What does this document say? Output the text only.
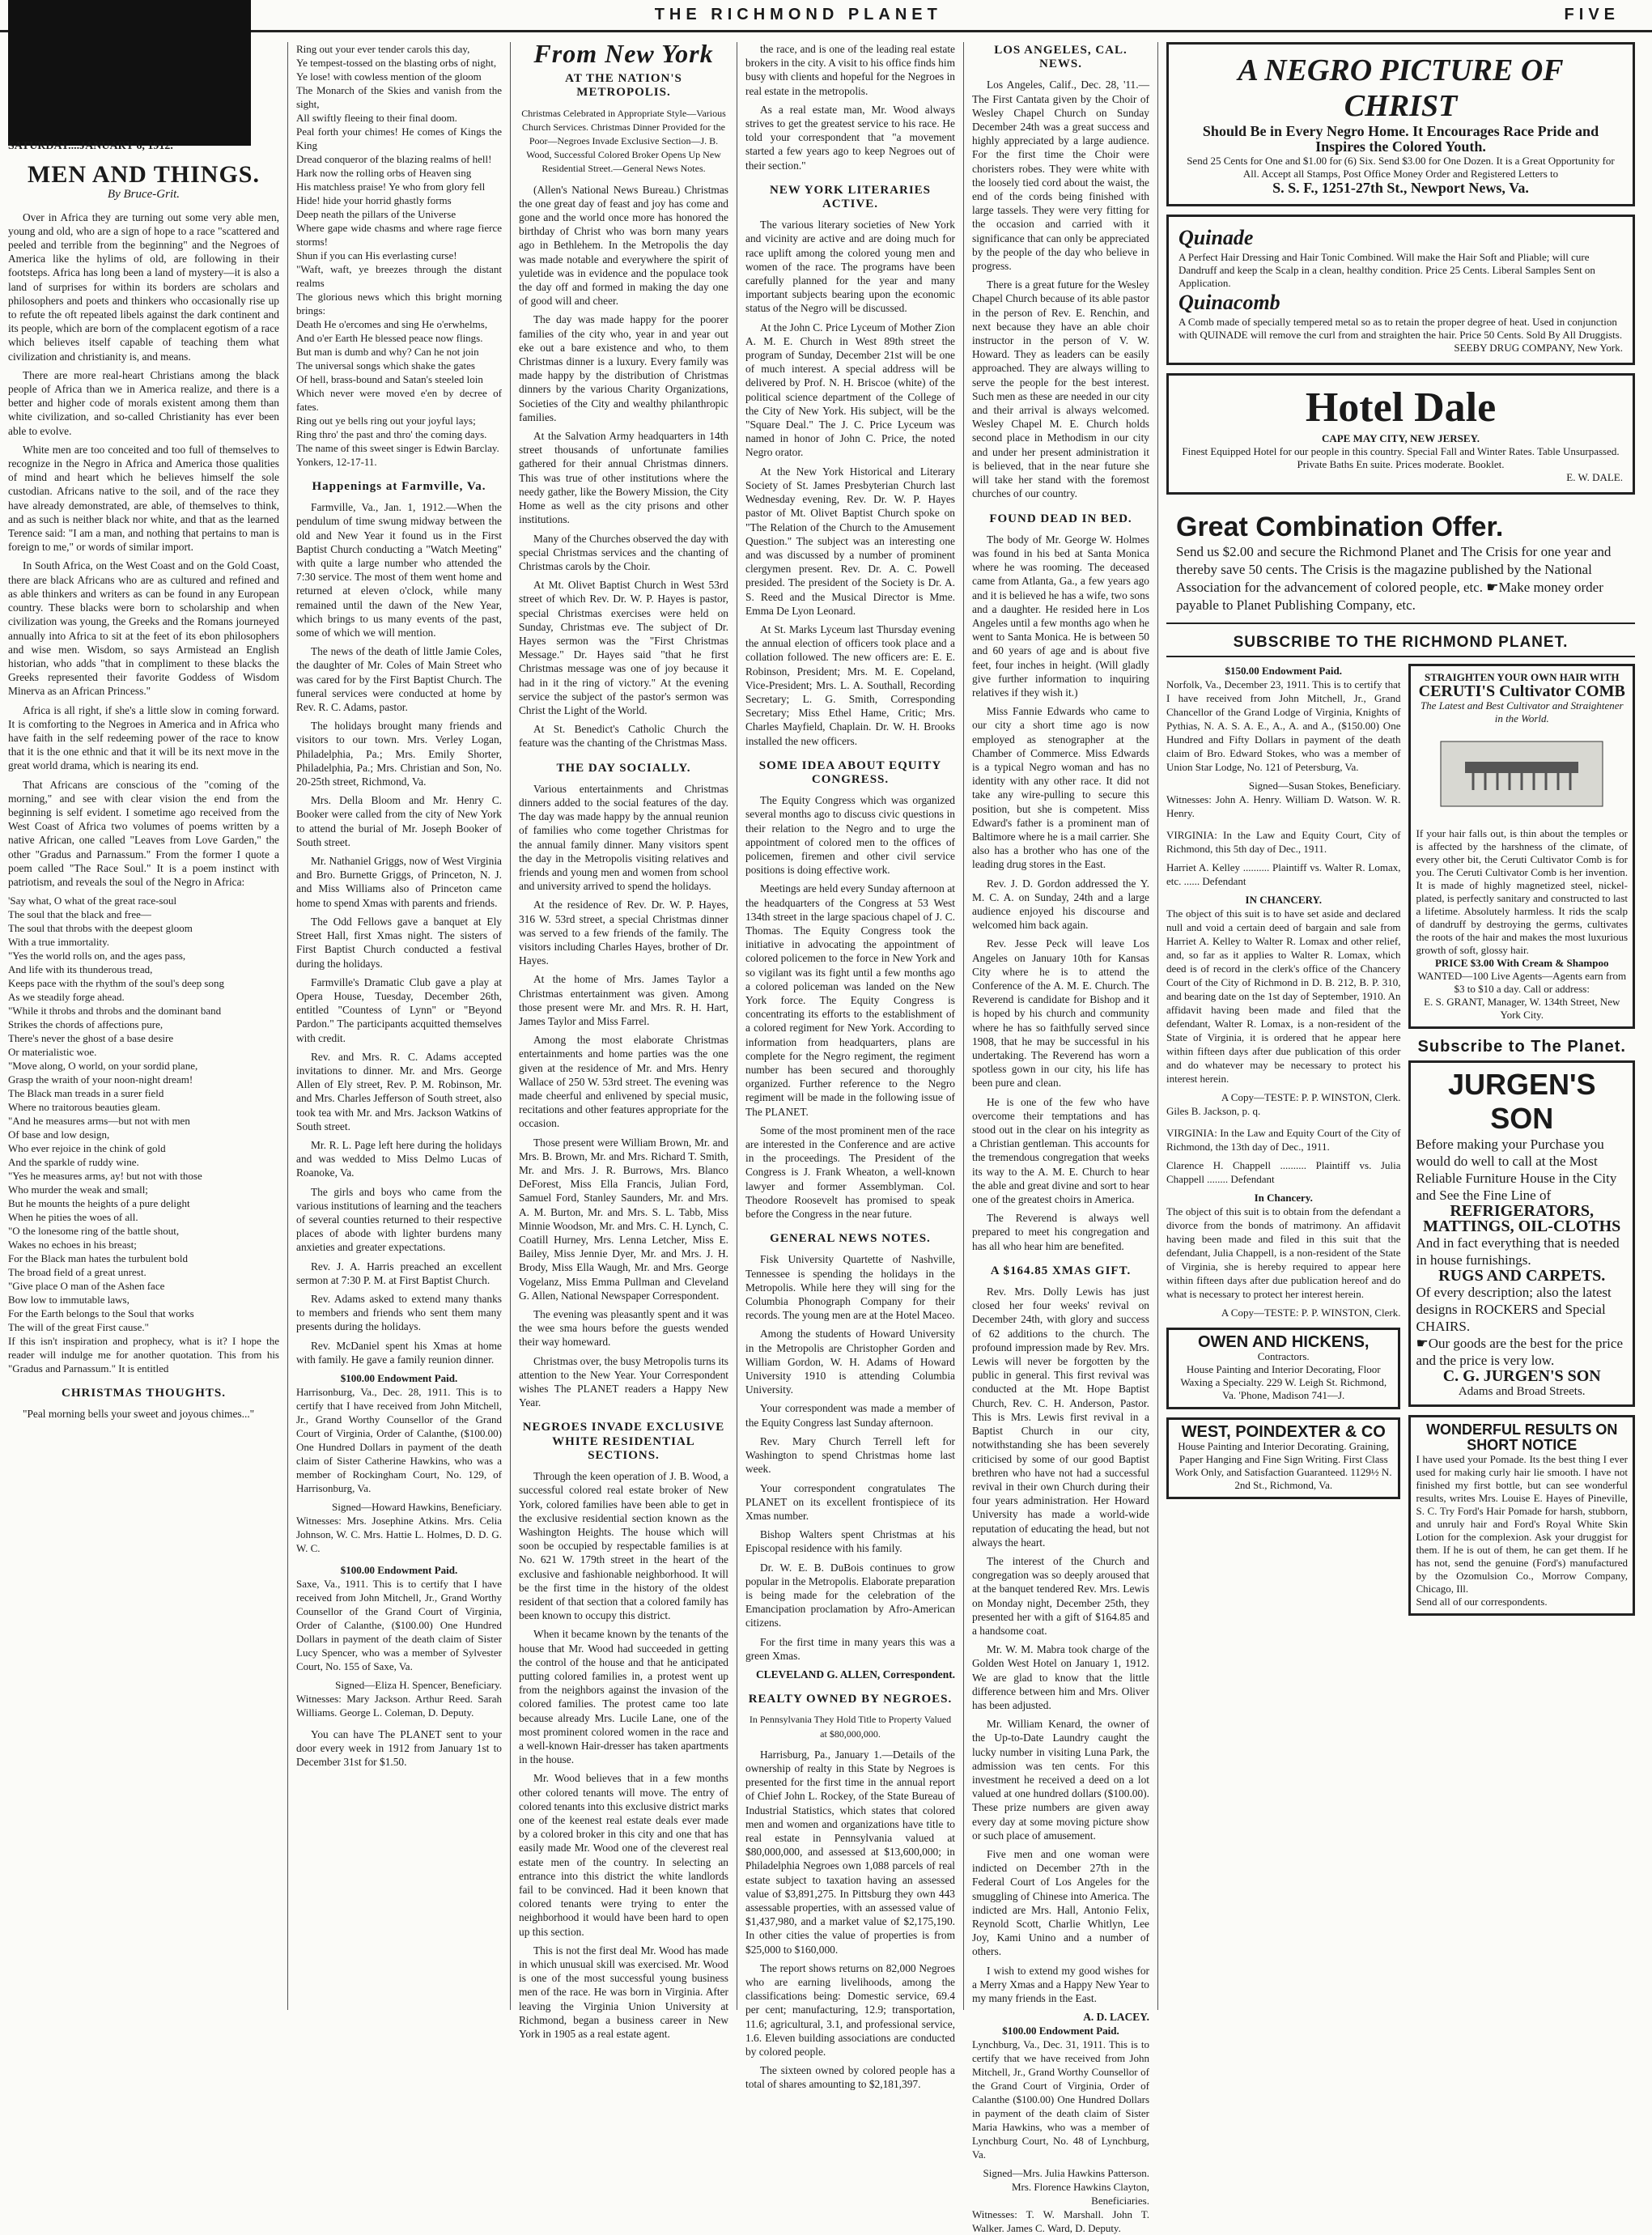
THE RICHMOND PLANET	FIVE
SATURDAY....JANUARY 6, 1912.
MEN AND THINGS.
By Bruce-Grit.

Over in Africa they are turning out some very able men, young and old, who are a sign of hope to a race "scattered and peeled and terrible from the beginning" and the Negroes of America like the hylims of old, are following in their footsteps. Africa has long been a land of mystery—it is also a land of surprises for within its borders are scholars and philosophers and poets and thinkers who occasionally rise up to refute the oft repeated libels against the dark continent and its people, which are born of the complacent egotism of a race which believes itself capable of teaching them what civilization and christianity is, and means.

There are more real-heart Christians among the black people of Africa than we in America realize, and there is a better and higher code of morals existent among them than white civilization, and so-called Christianity has ever been able to evolve.

White men are too conceited and too full of themselves to recognize in the Negro in Africa and America those qualities of mind and heart which he believes himself the sole custodian. Africans native to the soil, and of the race they have already demonstrated, are able, of themselves to think, and as such is neither black nor white, and that as the learned Terence said: "I am a man, and nothing that pertains to man is foreign to me," or words of similar import.

In South Africa, on the West Coast and on the Gold Coast, there are black Africans who are as cultured and refined and as able thinkers and writers as can be found in any European country. These blacks were born to scholarship and when civilization was young, the Greeks and the Romans journeyed annually into Africa to sit at the feet of its ebon philosophers and wise men. Wisdom, so says Armistead an English historian, who adds "that in compliment to these blacks the Greeks represented their favorite Goddess of Wisdom Minerva as an African Princess."

Africa is all right, if she's a little slow in coming forward. It is comforting to the Negroes in America and in Africa who have faith in the self redeeming power of the race to know that it is the one ethnic and that it will be its next move in the great world drama, which is nearing its end.

That Africans are conscious of the "coming of the morning," and see with clear vision the end from the beginning is self evident. I sometime ago received from the West Coast of Africa two volumes of poems written by a native African, one called "Leaves from Love Garden," the other "Gradus and Parnassum." From the former I quote a poem called "The Race Soul." It is a poem instinct with patriotism, and reveals the soul of the Negro in Africa:

'Say what, O what of the great race-soul
The soul that the black and free—
The soul that throbs with the deepest gloom
With a true immortality.
"Yes the world rolls on, and the ages pass,
And life with its thunderous tread,
Keeps pace with the rhythm of the soul's deep song
As we steadily forge ahead.
"While it throbs and throbs and the dominant band
Strikes the chords of affections pure,
There's never the ghost of a base desire
Or materialistic woe.
"Move along, O world, on your sordid plane,
Grasp the wraith of your noon-night dream!
The Black man treads in a surer field
Where no traitorous beauties gleam.
"And he measures arms—but not with men
Of base and low design,
Who ever rejoice in the chink of gold
And the sparkle of ruddy wine.
"Yes he measures arms, ay! but not with those
Who murder the weak and small;
But he mounts the heights of a pure delight
When he pities the woes of all.
"O the lonesome ring of the battle shout,
Wakes no echoes in his breast;
For the Black man hates the turbulent bold
The broad field of a great unrest.
"Give place O man of the Ashen face
Bow low to immutable laws,
For the Earth belongs to the Soul that works
The will of the great First cause."
If this isn't inspiration and prophecy, what is it? I hope the reader will indulge me for another quotation. This from his "Gradus and Parnassum." It is entitled
CHRISTMAS THOUGHTS.

"Peal morning bells your sweet and joyous chimes..."

Ring out your ever tender carols this day,
Ye tempest-tossed on the blasting orbs of night,
Ye lose! with cowless mention of the gloom
The Monarch of the Skies and vanish from the sight,
All swiftly fleeing to their final doom.
Peal forth your chimes! He comes of Kings the King
Dread conqueror of the blazing realms of hell!
Hark now the rolling orbs of Heaven sing
His matchless praise! Ye who from glory fell
Hide! hide your horrid ghastly forms
Deep neath the pillars of the Universe
Where gape wide chasms and where rage fierce storms!
Shun if you can His everlasting curse!
"Waft, waft, ye breezes through the distant realms
The glorious news which this bright morning brings:
Death He o'ercomes and sing He o'erwhelms,
And o'er Earth He blessed peace now flings.
But man is dumb and why? Can he not join
The universal songs which shake the gates
Of hell, brass-bound and Satan's steeled loin
Which never were moved e'en by decree of fates.
Ring out ye bells ring out your joyful lays;
Ring thro' the past and thro' the coming days.
The name of this sweet singer is Edwin Barclay.
Yonkers, 12-17-11.
Happenings at Farmville, Va.

Farmville, Va., Jan. 1, 1912.—When the pendulum of time swung midway between the old and New Year it found us in the First Baptist Church conducting a "Watch Meeting" with quite a large number who attended the 7:30 service. The most of them went home and returned at eleven o'clock, while many remained until the dawn of the New Year, which brings to us many events of the past, some of which we will mention.

The news of the death of little Jamie Coles, the daughter of Mr. Coles of Main Street who was cared for by the First Baptist Church. The funeral services were conducted at home by Rev. R. C. Adams, pastor.

The holidays brought many friends and visitors to our town. Mrs. Verley Logan, Philadelphia, Pa.; Mrs. Emily Shorter, Philadelphia, Pa.; Mrs. Christian and Son, No. 20-25th street, Richmond, Va.

Mrs. Della Bloom and Mr. Henry C. Booker were called from the city of New York to attend the burial of Mr. Joseph Booker of South street.

Mr. Nathaniel Griggs, now of West Virginia and Bro. Burnette Griggs, of Princeton, N. J. and Miss Williams also of Princeton came home to spend Xmas with parents and friends.

The Odd Fellows gave a banquet at Ely Street Hall, first Xmas night. The sisters of First Baptist Church conducted a festival during the holidays.

Farmville's Dramatic Club gave a play at Opera House, Tuesday, December 26th, entitled "Countess of Lynn" or "Beyond Pardon." The participants acquitted themselves with credit.

Rev. and Mrs. R. C. Adams accepted invitations to dinner. Mr. and Mrs. George Allen of Ely street, Rev. P. M. Robinson, Mr. and Mrs. Charles Jefferson of South street, also took tea with Mr. and Mrs. Jackson Watkins of South street.

Mr. R. L. Page left here during the holidays and was wedded to Miss Delmo Lucas of Roanoke, Va.

The girls and boys who came from the various institutions of learning and the teachers of several counties returned to their respective places of abode with lighter burdens many anxieties and greater expectations.

Rev. J. A. Harris preached an excellent sermon at 7:30 P. M. at First Baptist Church.

Rev. Adams asked to extend many thanks to members and friends who sent them many presents during the holidays.

Rev. McDaniel spent his Xmas at home with family. He gave a family reunion dinner.

$100.00 Endowment Paid.

Harrisonburg, Va., Dec. 28, 1911. This is to certify that I have received from John Mitchell, Jr., Grand Worthy Counsellor of the Grand Court of Virginia, Order of Calanthe, ($100.00) One Hundred Dollars in payment of the death claim of Sister Catherine Hawkins, who was a member of Rockingham Court, No. 129, of Harrisonburg, Va.

Signed—Howard Hawkins, Beneficiary.

Witnesses: Mrs. Josephine Atkins. Mrs. Celia Johnson, W. C. Mrs. Hattie L. Holmes, D. D. G. W. C.

$100.00 Endowment Paid.

Saxe, Va., 1911. This is to certify that I have received from John Mitchell, Jr., Grand Worthy Counsellor of the Grand Court of Virginia, Order of Calanthe, ($100.00) One Hundred Dollars in payment of the death claim of Sister Lucy Spencer, who was a member of Sylvester Court, No. 155 of Saxe, Va.

Signed—Eliza H. Spencer, Beneficiary.

Witnesses: Mary Jackson. Arthur Reed. Sarah Williams. George L. Coleman, D. Deputy.

You can have The PLANET sent to your door every week in 1912 from January 1st to December 31st for $1.50.

From New York
AT THE NATION'S METROPOLIS.
Christmas Celebrated in Appropriate Style—Various Church Services. Christmas Dinner Provided for the Poor—Negroes Invade Exclusive Section—J. B. Wood, Successful Colored Broker Opens Up New Residential Street.—General News Notes.

(Allen's National News Bureau.) Christmas the one great day of feast and joy has come and gone and the world once more has honored the birthday of Christ who was born many years ago in Bethlehem. In the Metropolis the day was made notable and everywhere the spirit of yuletide was in evidence and the populace took the day off and formed in making the day one of good will and cheer.

The day was made happy for the poorer families of the city who, year in and year out eke out a bare existence and who, to them Christmas dinner is a luxury. Every family was made happy by the distribution of Christmas dinners by the various Charity Organizations, Societies of the City and wealthy philanthropic families.

At the Salvation Army headquarters in 14th street thousands of unfortunate families gathered for their annual Christmas dinners. This was true of other institutions where the needy gather, like the Bowery Mission, the City Home as well as the city prisons and other institutions.

Many of the Churches observed the day with special Christmas services and the chanting of Christmas carols by the Choir.

At Mt. Olivet Baptist Church in West 53rd street of which Rev. Dr. W. P. Hayes is pastor, special Christmas exercises were held on Sunday, Christmas eve. The subject of Dr. Hayes sermon was the "First Christmas Message." Dr. Hayes said "that he first Christmas message was one of joy because it had in it the ring of victory." At the evening service the subject of the pastor's sermon was Christ the Light of the World.

At St. Benedict's Catholic Church the feature was the chanting of the Christmas Mass.

THE DAY SOCIALLY.

Various entertainments and Christmas dinners added to the social features of the day. The day was made happy by the annual reunion of families who come together Christmas for the annual family dinner. Many visitors spent the day in the Metropolis visiting relatives and friends and young men and women from school and university arrived to spend the holidays.

At the residence of Rev. Dr. W. P. Hayes, 316 W. 53rd street, a special Christmas dinner was served to a few friends of the family. The visitors including Charles Hayes, brother of Dr. Hayes.

At the home of Mrs. James Taylor a Christmas entertainment was given. Among those present were Mr. and Mrs. R. H. Hart, James Taylor and Miss Farrel.

Among the most elaborate Christmas entertainments and home parties was the one given at the residence of Mr. and Mrs. Henry Wallace of 250 W. 53rd street. The evening was made cheerful and enlivened by special music, recitations and other features appropriate for the occasion.

Those present were William Brown, Mr. and Mrs. B. Brown, Mr. and Mrs. Richard T. Smith, Mr. and Mrs. J. R. Burrows, Mrs. Blanco DeForest, Miss Ella Francis, Julian Ford, Samuel Ford, Stanley Saunders, Mr. and Mrs. A. M. Burton, Mr. and Mrs. S. L. Tabb, Miss Minnie Woodson, Mr. and Mrs. C. H. Lynch, C. Coatill Hurney, Mrs. Lenna Letcher, Miss E. Bailey, Miss Jennie Dyer, Mr. and Mrs. J. H. Brody, Miss Ella Waugh, Mr. and Mrs. George Vogelanz, Miss Emma Pullman and Cleveland G. Allen, National Newspaper Correspondent.

The evening was pleasantly spent and it was the wee sma hours before the guests wended their way homeward.

Christmas over, the busy Metropolis turns its attention to the New Year. Your Correspondent wishes The PLANET readers a Happy New Year.

NEGROES INVADE EXCLUSIVE WHITE RESIDENTIAL SECTIONS.

Through the keen operation of J. B. Wood, a successful colored real estate broker of New York, colored families have been able to get in the exclusive residential section known as the Washington Heights. The house which will soon be occupied by respectable families is at No. 621 W. 179th street in the heart of the exclusive and fashionable neighborhood. It will be the first time in the history of the oldest resident of that section that a colored family has been known to occupy this district.

When it became known by the tenants of the house that Mr. Wood had succeeded in getting the control of the house and that he anticipated putting colored families in, a protest went up from the neighbors against the invasion of the colored families. The protest came too late because already Mrs. Lucile Lane, one of the most prominent colored women in the race and a well-known Hair-dresser has taken apartments in the house.

Mr. Wood believes that in a few months other colored tenants will move. The entry of colored tenants into this exclusive district marks one of the keenest real estate deals ever made by a colored broker in this city and one that has easily made Mr. Wood one of the cleverest real estate men of the country. In selecting an entrance into this district the white landlords fail to be convinced. Had it been known that colored tenants were trying to enter the neighborhood it would have been hard to open up this section.

This is not the first deal Mr. Wood has made in which unusual skill was exercised. Mr. Wood is one of the most successful young business men of the race. He was born in Virginia. After leaving the Virginia Union University at Richmond, began a business career in New York in 1905 as a real estate agent.

the race, and is one of the leading real estate brokers in the city. A visit to his office finds him busy with clients and hopeful for the Negroes in real estate in the metropolis.

As a real estate man, Mr. Wood always strives to get the greatest service to his race. He told your correspondent that "a movement started a few years ago to keep Negroes out of their section."

NEW YORK LITERARIES ACTIVE.

The various literary societies of New York and vicinity are active and are doing much for race uplift among the colored young men and women of the race. The programs have been carefully planned for the year and many important subjects bearing upon the economic status of the Negro will be discussed.

At the John C. Price Lyceum of Mother Zion A. M. E. Church in West 89th street the program of Sunday, December 21st will be one of much interest. A special address will be delivered by Prof. N. H. Briscoe (white) of the political science department of the College of the City of New York. His subject, will be the "Square Deal." The J. C. Price Lyceum was named in honor of John C. Price, the noted Negro orator.

At the New York Historical and Literary Society of St. James Presbyterian Church last Wednesday evening, Rev. Dr. W. P. Hayes pastor of Mt. Olivet Baptist Church spoke on "The Relation of the Church to the Amusement Question." The subject was an interesting one and was discussed by a number of prominent clergymen present. Rev. Dr. A. C. Powell presided. The president of the Society is Dr. A. S. Reed and the Musical Director is Mme. Emma De Lyon Leonard.

At St. Marks Lyceum last Thursday evening the annual election of officers took place and a collation followed. The new officers are: E. E. Robinson, President; Mrs. M. E. Copeland, Vice-President; Mrs. L. A. Southall, Recording Secretary; L. G. Smith, Corresponding Secretary; Miss Ethel Hame, Critic; Mrs. Charles Mayfield, Chaplain. Dr. W. H. Brooks installed the new officers.

SOME IDEA ABOUT EQUITY CONGRESS.

The Equity Congress which was organized several months ago to discuss civic questions in their relation to the Negro and to urge the appointment of colored men to the offices of policemen, firemen and other civil service positions is doing effective work.

Meetings are held every Sunday afternoon at the headquarters of the Congress at 53 West 134th street in the large spacious chapel of J. C. Thomas. The Equity Congress took the initiative in advocating the appointment of colored policemen to the force in New York and so vigilant was its fight until a few months ago a colored policeman was landed on the New York force. The Equity Congress is concentrating its efforts to the establishment of a colored regiment for New York. According to information from headquarters, plans are complete for the Negro regiment, the regiment number has been secured and thoroughly organized. Further reference to the Negro regiment will be made in the following issue of The PLANET.

Some of the most prominent men of the race are interested in the Conference and are active in the proceedings. The President of the Congress is J. Frank Wheaton, a well-known lawyer and former Assemblyman. Col. Theodore Roosevelt has promised to speak before the Congress in the near future.

GENERAL NEWS NOTES.

Fisk University Quartette of Nashville, Tennessee is spending the holidays in the Metropolis. While here they will sing for the Columbia Phonograph Company for their records. The young men are at the Hotel Maceo.

Among the students of Howard University in the Metropolis are Christopher Gorden and William Gordon, W. H. Adams of Howard University 1910 is attending Columbia University.

Your correspondent was made a member of the Equity Congress last Sunday afternoon.

Rev. Mary Church Terrell left for Washington to spend Christmas home last week.

Your correspondent congratulates The PLANET on its excellent frontispiece of its Xmas number.

Bishop Walters spent Christmas at his Episcopal residence with his family.

Dr. W. E. B. DuBois continues to grow popular in the Metropolis. Elaborate preparation is being made for the celebration of the Emancipation proclamation by Afro-American citizens.

For the first time in many years this was a green Xmas.

CLEVELAND G. ALLEN, Correspondent.
REALTY OWNED BY NEGROES.
In Pennsylvania They Hold Title to Property Valued at $80,000,000.

Harrisburg, Pa., January 1.—Details of the ownership of realty in this State by Negroes is presented for the first time in the annual report of Chief John L. Rockey, of the State Bureau of Industrial Statistics, which states that colored men and women and organizations have title to real estate in Pennsylvania valued at $80,000,000, and assessed at $13,600,000; in Philadelphia Negroes own 1,088 parcels of real estate subject to taxation having an assessed value of $3,891,275. In Pittsburg they own 443 assessable properties, with an assessed value of $1,437,980, and a market value of $2,175,190. In other cities the value of properties is from $25,000 to $160,000.

The report shows returns on 82,000 Negroes who are earning livelihoods, among the classifications being: Domestic service, 69.4 per cent; manufacturing, 12.9; transportation, 11.6; agricultural, 3.1, and professional service, 1.6. Eleven building associations are conducted by colored people.

The sixteen owned by colored people has a total of shares amounting to $2,181,397.

LOS ANGELES, CAL. NEWS.

Los Angeles, Calif., Dec. 28, '11.—The First Cantata given by the Choir of Wesley Chapel Church on Sunday December 24th was a great success and highly appreciated by a large audience. For the first time the Choir were choristers robes. They were white with the loosely tied cord about the waist, the end of the cords being finished with large tassels. They were very fitting for the occasion and carried with it significance that can only be appreciated by the people of the day who believe in progress.

There is a great future for the Wesley Chapel Church because of its able pastor in the person of Rev. E. Renchin, and next because they have an able choir instructor in the person of V. W. Howard. They as leaders can be easily approached. They are always willing to serve the people for the best interest. Such men as these are needed in our city and their arrival is always welcomed. Wesley Chapel M. E. Church holds second place in Methodism in our city and under her present administration it is believed, that in the near future she will take her stand with the foremost churches of our country.

FOUND DEAD IN BED.

The body of Mr. George W. Holmes was found in his bed at Santa Monica where he was rooming. The deceased came from Atlanta, Ga., a few years ago and it is believed he has a wife, two sons and a daughter. He resided here in Los Angeles until a few months ago when he went to Santa Monica. He is between 50 and 60 years of age and is about five feet, four inches in height. (Will gladly give further information to inquiring relatives if they wish it.)

Miss Fannie Edwards who came to our city a short time ago is now employed as stenographer at the Chamber of Commerce. Miss Edwards is a typical Negro woman and has no identity with any other race. It did not take any wire-pulling to secure this position, but she is competent. Miss Edward's father is a prominent man of Baltimore where he is a mail carrier. She also has a brother who has one of the leading drug stores in the East.

Rev. J. D. Gordon addressed the Y. M. C. A. on Sunday, 24th and a large audience enjoyed his discourse and welcomed him back again.

Rev. Jesse Peck will leave Los Angeles on January 10th for Kansas City where he is to attend the Conference of the A. M. E. Church. The Reverend is candidate for Bishop and it is hoped by his church and community where he has so faithfully served since 1908, that he may be successful in his undertaking. The Reverend has worn a spotless gown in our city, his life has been pure and clean.

He is one of the few who have overcome their temptations and has stood out in the clear on his integrity as a Christian gentleman. This accounts for the tremendous congregation that weeks its way to the A. M. E. Church to hear the able and great divine and sort to hear one of the greatest choirs in America.

The Reverend is always well prepared to meet his congregation and has all who hear him are benefited.

A $164.85 XMAS GIFT.

Rev. Mrs. Dolly Lewis has just closed her four weeks' revival on December 24th, with glory and success of 62 additions to the church. The profound impression made by Rev. Mrs. Lewis will never be forgotten by the public in general. This first revival was conducted at the Mt. Hope Baptist Church, Rev. C. H. Anderson, Pastor. This is Mrs. Lewis first revival in a Baptist Church in our city, notwithstanding she has been severely criticised by some of our good Baptist brethren who have not had a successful revival in their own Church during their four years administration. Her Howard University has made a world-wide reputation of educating the head, but not always the heart.

The interest of the Church and congregation was so deeply aroused that at the banquet tendered Rev. Mrs. Lewis on Monday night, December 25th, they presented her with a gift of $164.85 and a handsome coat.

Mr. W. M. Mabra took charge of the Golden West Hotel on January 1, 1912. We are glad to know that the little difference between him and Mrs. Oliver has been adjusted.

Mr. William Kenard, the owner of the Up-to-Date Laundry caught the lucky number in visiting Luna Park, the admission was ten cents. For this investment he received a deed on a lot valued at one hundred dollars ($100.00). These prize numbers are given away every day at some moving picture show or such place of amusement.

Five men and one woman were indicted on December 27th in the Federal Court of Los Angeles for the smuggling of Chinese into America. The indicted are Mrs. Hall, Antonio Felix, Reynold Scott, Charlie Whitlyn, Lee Joy, Kami Unino and a number of others.

I wish to extend my good wishes for a Merry Xmas and a Happy New Year to my many friends in the East.

A. D. LACEY.
$100.00 Endowment Paid.

Lynchburg, Va., Dec. 31, 1911. This is to certify that we have received from John Mitchell, Jr., Grand Worthy Counsellor of the Grand Court of Virginia, Order of Calanthe ($100.00) One Hundred Dollars in payment of the death claim of Sister Maria Hawkins, who was a member of Lynchburg Court, No. 48 of Lynchburg, Va.

Signed—Mrs. Julia Hawkins Patterson. Mrs. Florence Hawkins Clayton, Beneficiaries.

Witnesses: T. W. Marshall. John T. Walker. James C. Ward, D. Deputy.

A NEGRO PICTURE OF CHRIST
Should Be in Every Negro Home. It Encourages Race Pride and Inspires the Colored Youth.
Send 25 Cents for One and $1.00 for (6) Six. Send $3.00 for One Dozen. It is a Great Opportunity for All. Accept all Stamps, Post Office Money Order and Registered Letters to
S. S. F., 1251-27th St., Newport News, Va.
Quinade
A Perfect Hair Dressing and Hair Tonic Combined. Will make the Hair Soft and Pliable; will cure Dandruff and keep the Scalp in a clean, healthy condition. Price 25 Cents. Liberal Samples Sent on Application.
Quinacomb
A Comb made of specially tempered metal so as to retain the proper degree of heat. Used in conjunction with QUINADE will remove the curl from and straighten the hair. Price 50 Cents. Sold By All Druggists.
SEEBY DRUG COMPANY, New York.
Hotel Dale
CAPE MAY CITY, NEW JERSEY.
Finest Equipped Hotel for our people in this country. Special Fall and Winter Rates. Table Unsurpassed. Private Baths En suite. Prices moderate. Booklet.
E. W. DALE.
Great Combination Offer.
Send us $2.00 and secure the Richmond Planet and The Crisis for one year and thereby save 50 cents. The Crisis is the magazine published by the National Association for the advancement of colored people, etc. ☛Make money order payable to Planet Publishing Company, etc.
SUBSCRIBE TO THE RICHMOND PLANET.
$150.00 Endowment Paid.

Norfolk, Va., December 23, 1911. This is to certify that I have received from John Mitchell, Jr., Grand Chancellor of the Grand Lodge of Virginia, Knights of Pythias, N. A. S. A. E., A., A. and A., ($150.00) One Hundred and Fifty Dollars in payment of the death claim of Bro. Edward Stokes, who was a member of Union Star Lodge, No. 121 of Petersburg, Va.

Signed—Susan Stokes, Beneficiary.

Witnesses: John A. Henry. William D. Watson. W. R. Henry.

VIRGINIA: In the Law and Equity Court, City of Richmond, this 5th day of Dec., 1911.

Harriet A. Kelley .......... Plaintiff vs. Walter R. Lomax, etc. ...... Defendant

IN CHANCERY.

The object of this suit is to have set aside and declared null and void a certain deed of bargain and sale from Harriet A. Kelley to Walter R. Lomax and other relief, and, so far as it applies to Walter R. Lomax, which deed is of record in the clerk's office of the Chancery Court of the City of Richmond in D. B. 212, B. P. 310, and bearing date on the 1st day of September, 1910. An affidavit having been made and filed that the defendant, Walter R. Lomax, is a non-resident of the State of Virginia, it is ordered that he appear here within fifteen days after due publication of this order and do whatever may be necessary to protect his interest herein.

A Copy—TESTE: P. P. WINSTON, Clerk.

Giles B. Jackson, p. q.

VIRGINIA: In the Law and Equity Court of the City of Richmond, the 13th day of Dec., 1911.

Clarence H. Chappell .......... Plaintiff vs. Julia Chappell ........ Defendant

In Chancery.

The object of this suit is to obtain from the defendant a divorce from the bonds of matrimony. An affidavit having been made and filed in this suit that the defendant, Julia Chappell, is a non-resident of the State of Virginia, she is hereby required to appear here within fifteen days after due publication hereof and do what is necessary to protect her interest herein.

A Copy—TESTE: P. P. WINSTON, Clerk.
OWEN AND HICKENS,
Contractors.
House Painting and Interior Decorating, Floor Waxing a Specialty. 229 W. Leigh St. Richmond, Va. 'Phone, Madison 741—J.
WEST, POINDEXTER & CO
House Painting and Interior Decorating. Graining, Paper Hanging and Fine Sign Writing. First Class Work Only, and Satisfaction Guaranteed. 1129½ N. 2nd St., Richmond, Va.
STRAIGHTEN YOUR OWN HAIR WITH
CERUTI'S Cultivator COMB
The Latest and Best Cultivator and Straightener in the World.
If your hair falls out, is thin about the temples or is affected by the harshness of the climate, of every other bit, the Ceruti Cultivator Comb is for you. The Ceruti Cultivator Comb is her invention. It is made of highly magnetized steel, nickel-plated, is perfectly sanitary and constructed to last a lifetime. Absolutely harmless. It rids the scalp of dandruff by destroying the germs, cultivates the roots of the hair and makes the most luxurious growth of soft, glossy hair.
PRICE $3.00 With Cream & Shampoo
WANTED—100 Live Agents—Agents earn from $3 to $10 a day. Call or address:
E. S. GRANT, Manager, W. 134th Street, New York City.
Subscribe to The Planet.
JURGEN'S SON
Before making your Purchase you would do well to call at the Most Reliable Furniture House in the City and See the Fine Line of
REFRIGERATORS, MATTINGS, OIL-CLOTHS
And in fact everything that is needed in house furnishings.
RUGS AND CARPETS.
Of every description; also the latest designs in ROCKERS and Special CHAIRS.
☛Our goods are the best for the price and the price is very low.
C. G. JURGEN'S SON
Adams and Broad Streets.
WONDERFUL RESULTS ON SHORT NOTICE
I have used your Pomade. Its the best thing I ever used for making curly hair lie smooth. I have not finished my first bottle, but can see wonderful results, writes Mrs. Louise E. Hayes of Pineville, S. C. Try Ford's Hair Pomade for harsh, stubborn, and unruly hair and Ford's Royal White Skin Lotion for the complexion. Ask your druggist for them. If he is out of them, he can get them. If he has not, send the genuine (Ford's) manufactured by the Ozomulsion Co., Morrow Company, Chicago, Ill.
Send all of our correspondents.
